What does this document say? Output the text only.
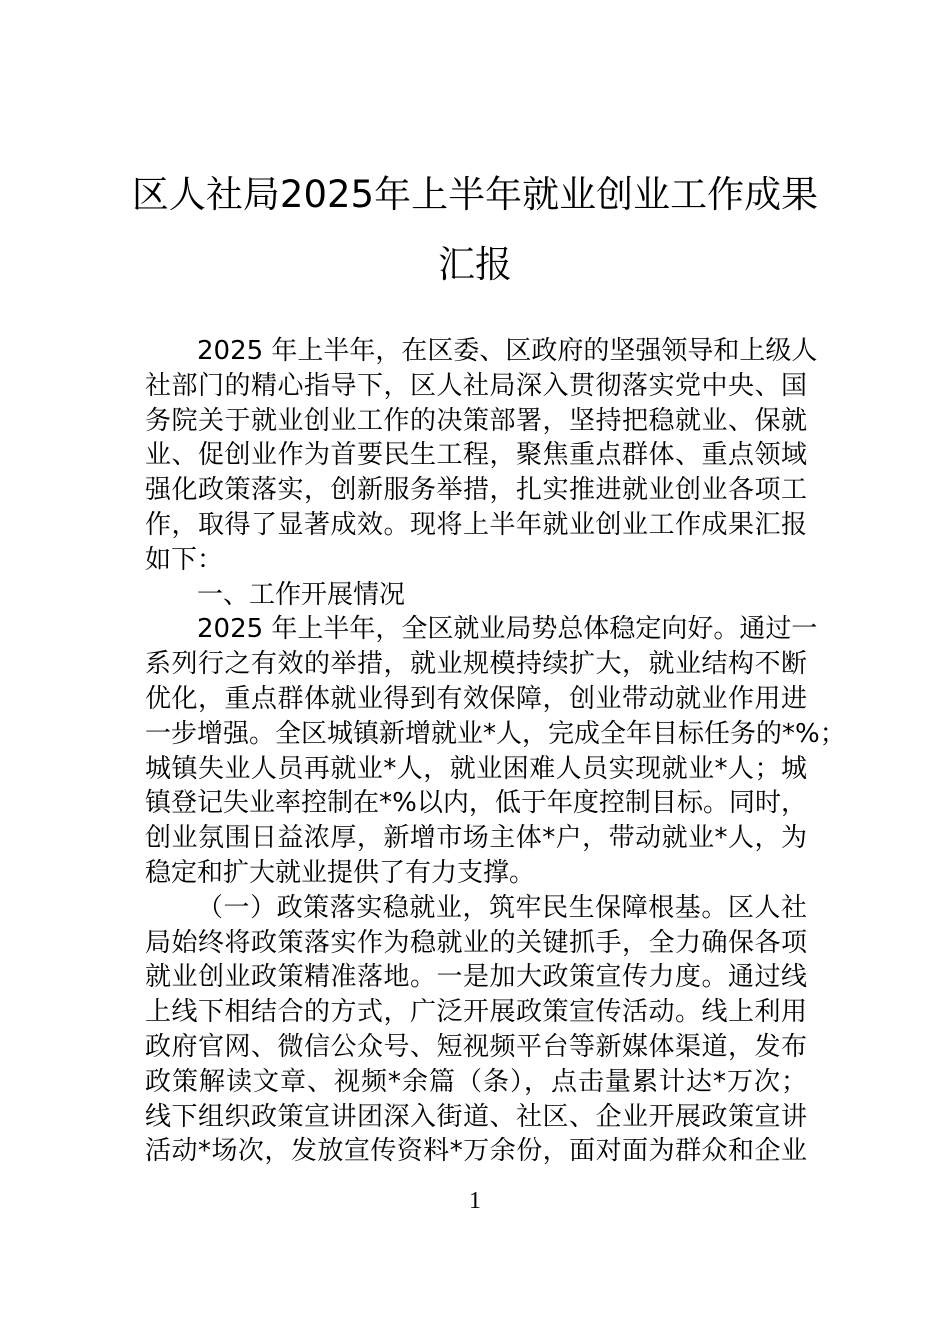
区人社局2025年上半年就业创业工作成果
汇报
2025 年上半年，在区委、区政府的坚强领导和上级人
社部门的精心指导下，区人社局深入贯彻落实党中央、国
务院关于就业创业工作的决策部署，坚持把稳就业、保就
业、促创业作为首要民生工程，聚焦重点群体、重点领域
强化政策落实，创新服务举措，扎实推进就业创业各项工
作，取得了显著成效。现将上半年就业创业工作成果汇报
如下：
一、工作开展情况
2025 年上半年，全区就业局势总体稳定向好。通过一
系列行之有效的举措，就业规模持续扩大，就业结构不断
优化，重点群体就业得到有效保障，创业带动就业作用进
一步增强。全区城镇新增就业*人，完成全年目标任务的*%；
城镇失业人员再就业*人，就业困难人员实现就业*人；城
镇登记失业率控制在*%以内，低于年度控制目标。同时，
创业氛围日益浓厚，新增市场主体*户，带动就业*人，为
稳定和扩大就业提供了有力支撑。
（一）政策落实稳就业，筑牢民生保障根基。区人社
局始终将政策落实作为稳就业的关键抓手，全力确保各项
就业创业政策精准落地。一是加大政策宣传力度。通过线
上线下相结合的方式，广泛开展政策宣传活动。线上利用
政府官网、微信公众号、短视频平台等新媒体渠道，发布
政策解读文章、视频*余篇（条），点击量累计达*万次；
线下组织政策宣讲团深入街道、社区、企业开展政策宣讲
活动*场次，发放宣传资料*万余份，面对面为群众和企业
1
